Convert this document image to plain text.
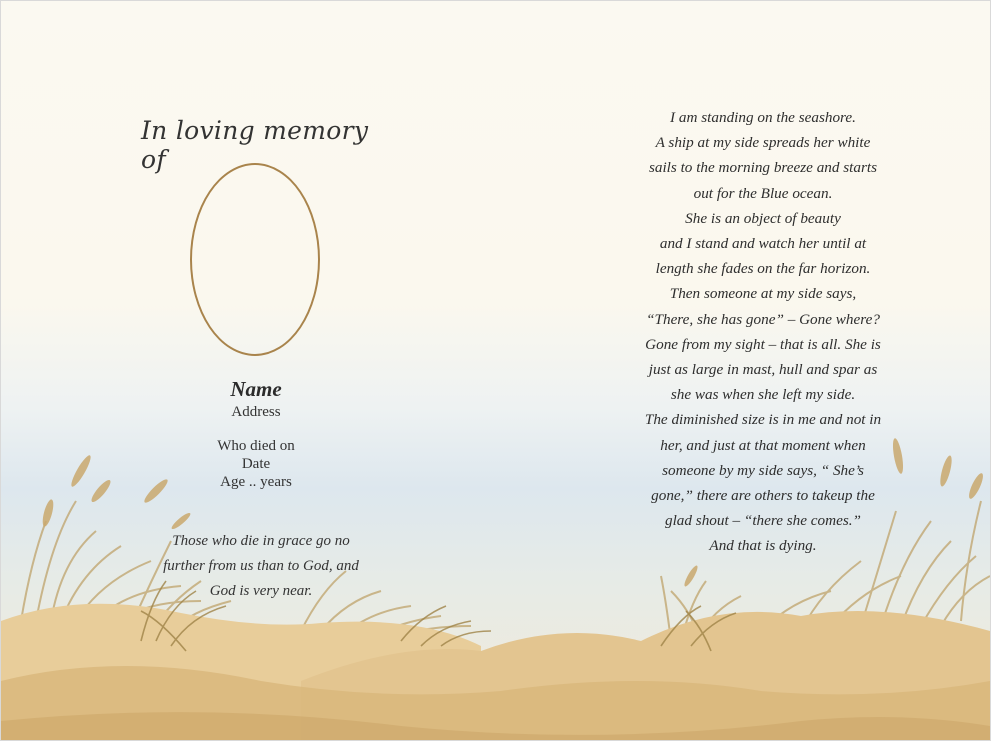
In loving memory of
Name
Address
Who died on
Date
Age .. years
Those who die in grace go no
further from us than to God, and
God is very near.
I am standing on the seashore.
A ship at my side spreads her white
sails to the morning breeze and starts
out for the Blue ocean.
She is an object of beauty
and I stand and watch her until at
length she fades on the far horizon.
Then someone at my side says,
“There, she has gone” – Gone where?
Gone from my sight – that is all. She is
just as large in mast, hull and spar as
she was when she left my side.
The diminished size is in me and not in
her, and just at that moment when
someone by my side says, “ She’s
gone,” there are others to takeup the
glad shout – “there she comes.”
And that is dying.
